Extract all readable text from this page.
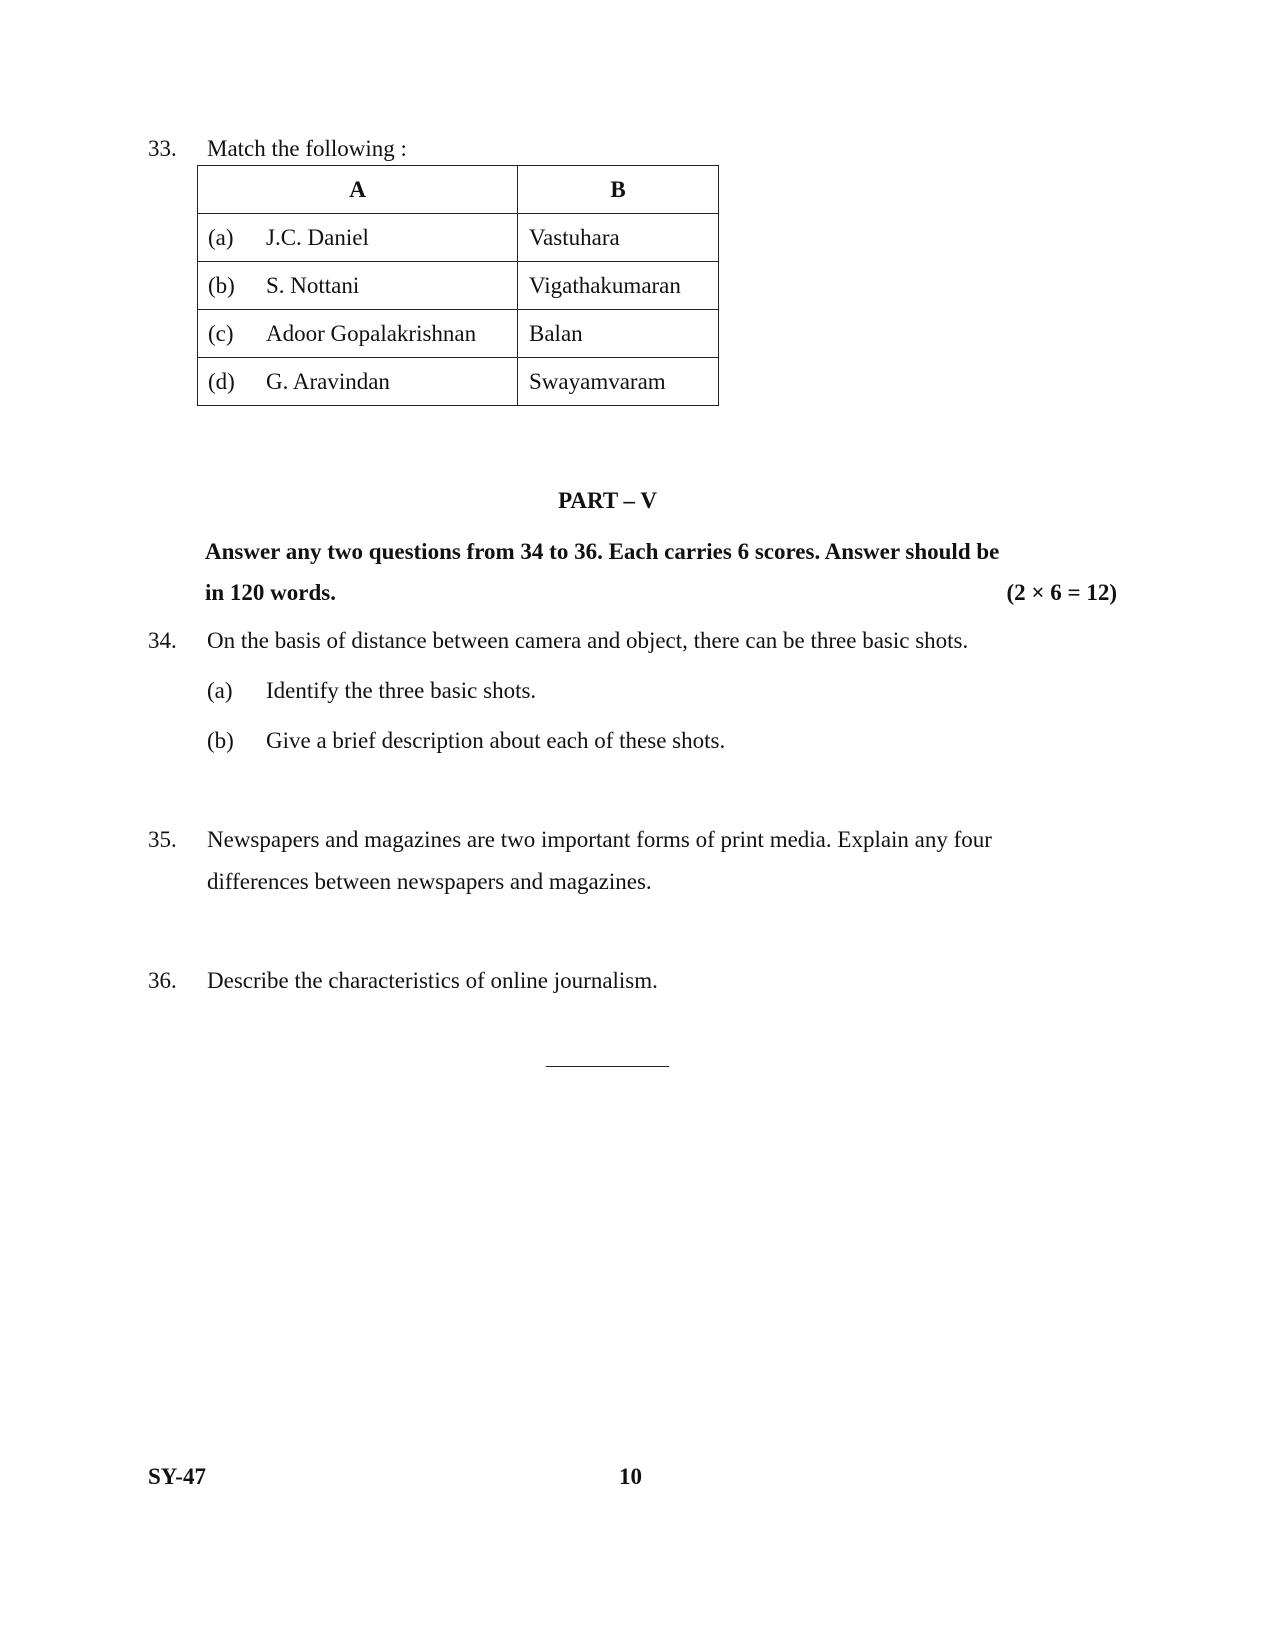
33. Match the following :
A	B

(a) J.C. Daniel	Vastuhara

(b) S. Nottani	Vigathakumaran

(c) Adoor Gopalakrishnan	Balan

(d) G. Aravindan	Swayamvaram
PART – V
Answer any two questions from 34 to 36. Each carries 6 scores. Answer should be
in 120 words.	(2 × 6 = 12)
34. On the basis of distance between camera and object, there can be three basic shots.
(a) Identify the three basic shots.
(b) Give a brief description about each of these shots.
35. Newspapers and magazines are two important forms of print media. Explain any four
differences between newspapers and magazines.
36. Describe the characteristics of online journalism.
SY-47	10
